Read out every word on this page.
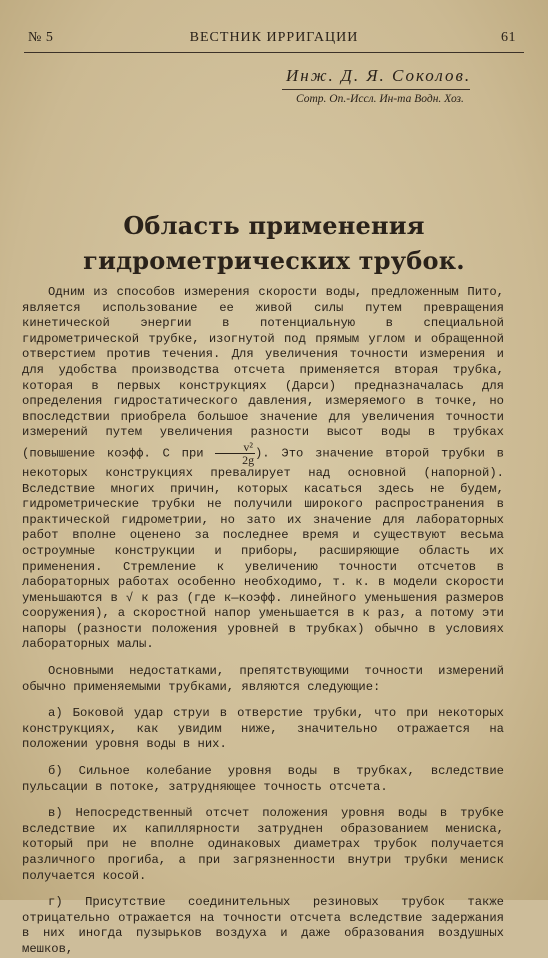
№ 5	ВЕСТНИК ИРРИГАЦИИ	61
Инж. Д. Я. Соколов.
Сотр. Оп.-Исcл. Ин-та Водн. Хоз.
Область применения гидрометрических трубок.

Одним из способов измерения скорости воды, предложенным Пито, является использование ее живой силы путем превращения кинетической энергии в потенциальную в специальной гидрометрической трубке, изогнутой под прямым углом и обращенной отверстием против течения. Для увеличения точности измерения и для удобства производства отсчета применяется вторая трубка, которая в первых конструкциях (Дарси) предназначалась для определения гидростатического давления, измеряемого в точке, но впоследствии приобрела большое значение для увеличения точности измерений путем увеличения разности высот воды в трубках (повышение коэфф. С при $\frac{\text{v²}}{2g}$ ). Это значение второй трубки в некоторых конструкциях превалирует над основной (напорной). Вследствие многих причин, которых касаться здесь не будем, гидрометрические трубки не получили широкого распространения в практической гидрометрии, но зато их значение для лабораторных работ вполне оценено за последнее время и существуют весьма остроумные конструкции и приборы, расширяющие область их применения. Стремление к увеличению точности отсчетов в лабораторных работах особенно необходимо, т. к. в модели скорости уменьшаются в √ к раз (где к—коэфф. линейного уменьшения размеров сооружения), а скоростной напор уменьшается в к раз, а потому эти напоры (разности положения уровней в трубках) обычно в условиях лабораторных малы.

Основными недостатками, препятствующими точности измерений обычно применяемыми трубками, являются следующие:

а) Боковой удар струи в отверстие трубки, что при некоторых конструкциях, как увидим ниже, значительно отражается на положении уровня воды в них.

б) Сильное колебание уровня воды в трубках, вследствие пульсации в потоке, затрудняющее точность отсчета.

в) Непосредственный отсчет положения уровня воды в трубке вследствие их капиллярности затруднен образованием мениска, который при не вполне одинаковых диаметрах трубок получается различного прогиба, а при загрязненности внутри трубки мениск получается косой.

г) Присутствие соединительных резиновых трубок также отрицательно отражается на точности отсчета вследствие задержания в них иногда пузырьков воздуха и даже образования воздушных мешков,
